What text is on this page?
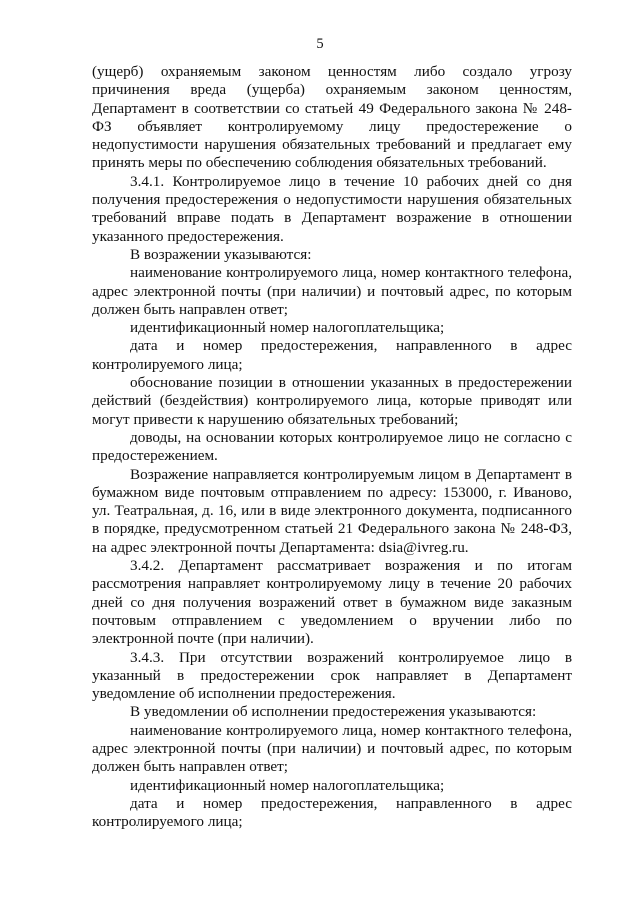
5

(ущерб) охраняемым законом ценностям либо создало угрозу причинения вреда (ущерба) охраняемым законом ценностям, Департамент в соответствии со статьей 49 Федерального закона № 248-ФЗ объявляет контролируемому лицу предостережение о недопустимости нарушения обязательных требований и предлагает ему принять меры по обеспечению соблюдения обязательных требований.

3.4.1. Контролируемое лицо в течение 10 рабочих дней со дня получения предостережения о недопустимости нарушения обязательных требований вправе подать в Департамент возражение в отношении указанного предостережения.

В возражении указываются:

наименование контролируемого лица, номер контактного телефона, адрес электронной почты (при наличии) и почтовый адрес, по которым должен быть направлен ответ;

идентификационный номер налогоплательщика;

дата и номер предостережения, направленного в адрес контролируемого лица;

обоснование позиции в отношении указанных в предостережении действий (бездействия) контролируемого лица, которые приводят или могут привести к нарушению обязательных требований;

доводы, на основании которых контролируемое лицо не согласно с предостережением.

Возражение направляется контролируемым лицом в Департамент в бумажном виде почтовым отправлением по адресу: 153000, г. Иваново, ул. Театральная, д. 16, или в виде электронного документа, подписанного в порядке, предусмотренном статьей 21 Федерального закона № 248-ФЗ, на адрес электронной почты Департамента: dsia@ivreg.ru.

3.4.2. Департамент рассматривает возражения и по итогам рассмотрения направляет контролируемому лицу в течение 20 рабочих дней со дня получения возражений ответ в бумажном виде заказным почтовым отправлением с уведомлением о вручении либо по электронной почте (при наличии).

3.4.3. При отсутствии возражений контролируемое лицо в указанный в предостережении срок направляет в Департамент уведомление об исполнении предостережения.

В уведомлении об исполнении предостережения указываются:

наименование контролируемого лица, номер контактного телефона, адрес электронной почты (при наличии) и почтовый адрес, по которым должен быть направлен ответ;

идентификационный номер налогоплательщика;

дата и номер предостережения, направленного в адрес контролируемого лица;
